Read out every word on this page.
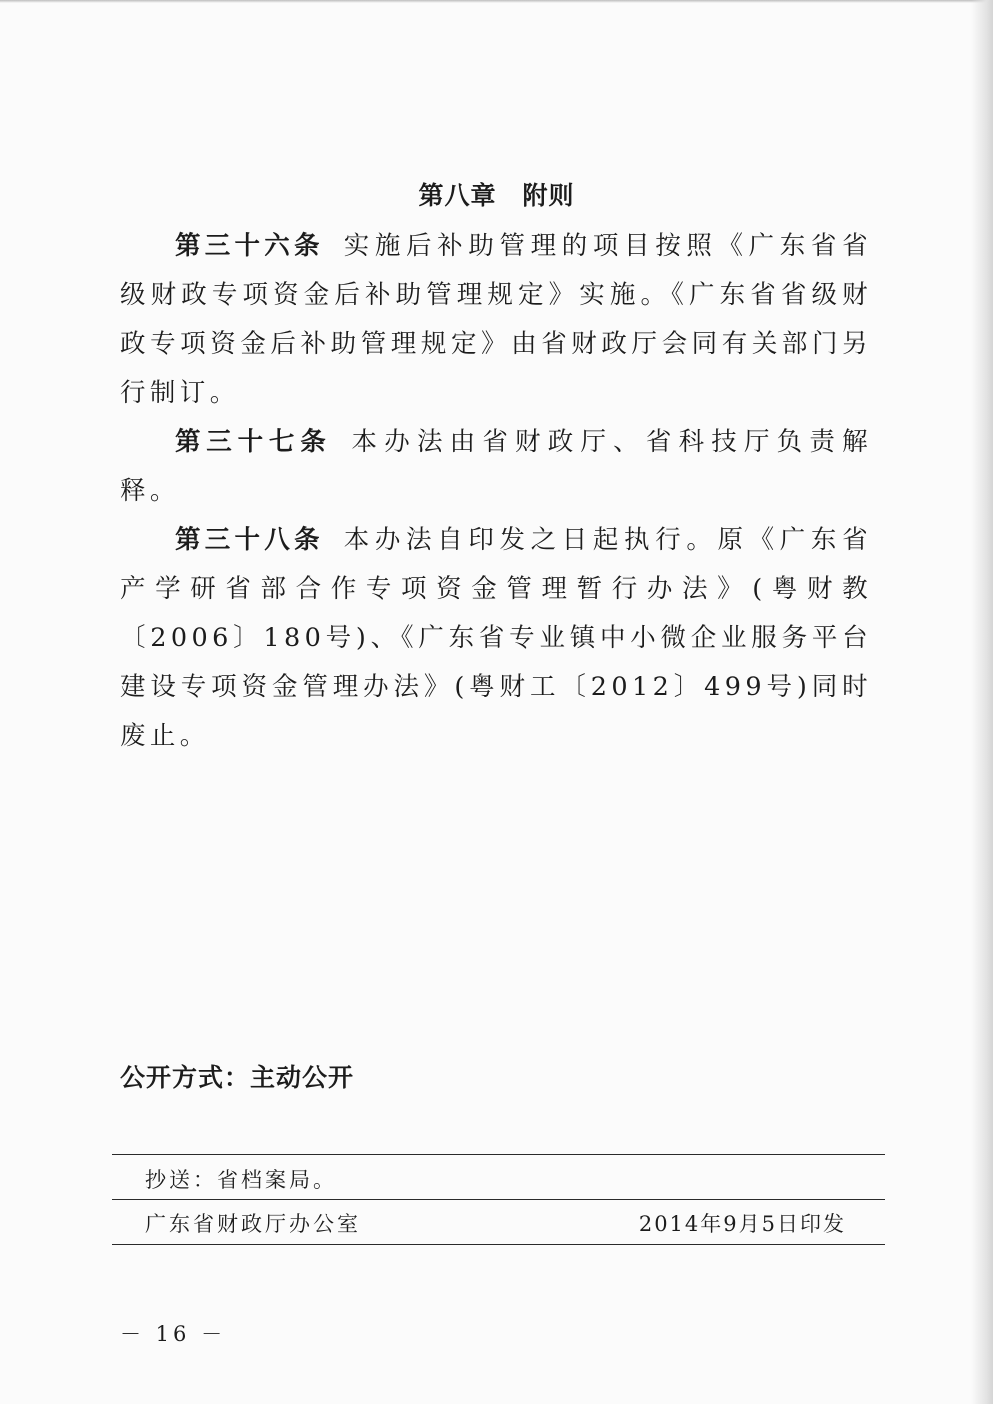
第八章　附则

第三十六条 实施后补助管理的项目按照《广东省省级财政专项资金后补助管理规定》实施。《广东省省级财政专项资金后补助管理规定》由省财政厅会同有关部门另行制订。

第三十七条 本办法由省财政厅、省科技厅负责解释。

第三十八条 本办法自印发之日起执行。原《广东省产学研省部合作专项资金管理暂行办法》(粤财教〔2006〕180号)、《广东省专业镇中小微企业服务平台建设专项资金管理办法》(粤财工〔2012〕499号)同时废止。

公开方式：主动公开
抄送：省档案局。
广东省财政厅办公室	2014年9月5日印发
－ 16 －
